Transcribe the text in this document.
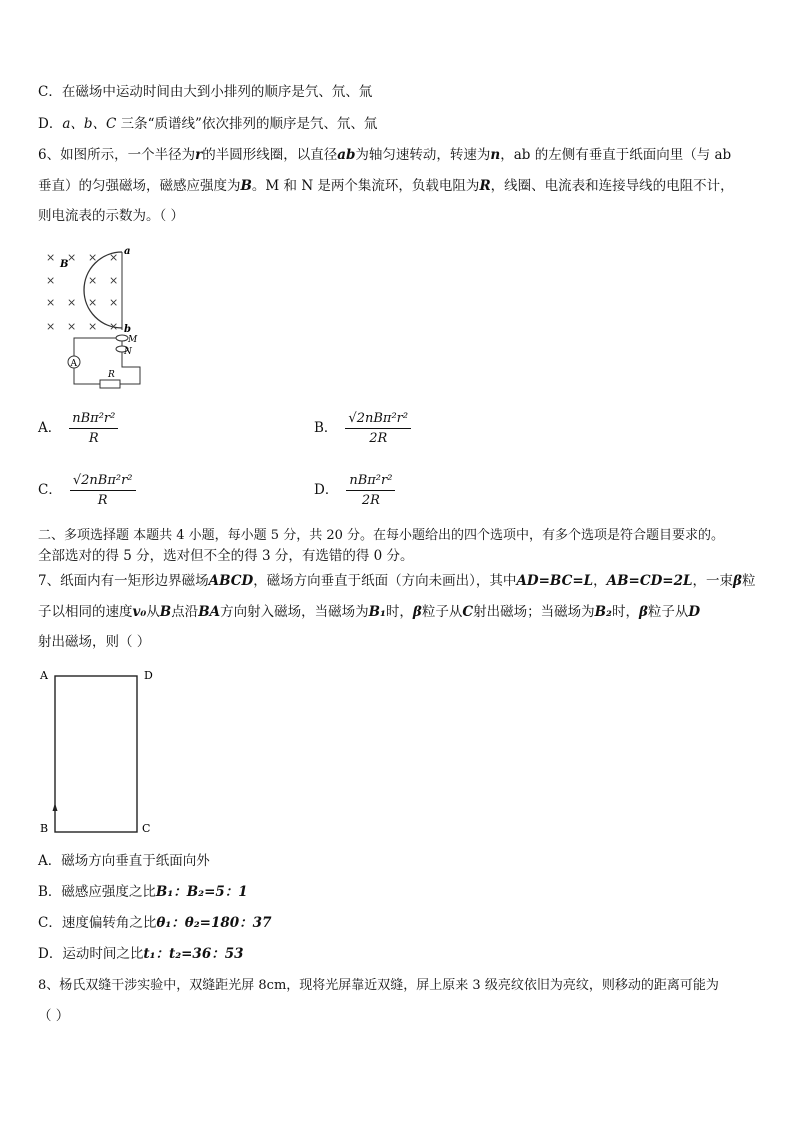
C．在磁场中运动时间由大到小排列的顺序是氕、氘、氚
D．a、b、C 三条“质谱线”依次排列的顺序是氕、氘、氚
6、如图所示，一个半径为r的半圆形线圈，以直径ab为轴匀速转动，转速为n，ab 的左侧有垂直于纸面向里（与 ab
垂直）的匀强磁场，磁感应强度为B。M 和 N 是两个集流环，负载电阻为R，线圈、电流表和连接导线的电阻不计，
则电流表的示数为。（ ）
× × × ×
× ×
× × × ×
× × ×
×
×
B
a
b
M
N
A
R
A． $\frac{\text{nBπ²r²}}{R}$	B． $\frac{\text{√2nBπ²r²}}{2R}$
C． $\frac{\text{√2nBπ²r²}}{R}$	D． $\frac{\text{nBπ²r²}}{2R}$
二、多项选择题 本题共 4 小题，每小题 5 分，共 20 分。在每小题给出的四个选项中，有多个选项是符合题目要求的。
全部选对的得 5 分，选对但不全的得 3 分，有选错的得 0 分。
7、纸面内有一矩形边界磁场ABCD，磁场方向垂直于纸面（方向未画出），其中AD=BC=L，AB=CD=2L，一束β粒
子以相同的速度v₀从B点沿BA方向射入磁场，当磁场为B₁时，β粒子从C射出磁场；当磁场为B₂时，β粒子从D
射出磁场，则（ ）
A	D
B	C
A．磁场方向垂直于纸面向外
B．磁感应强度之比B₁：B₂=5：1
C．速度偏转角之比θ₁：θ₂=180：37
D．运动时间之比t₁：t₂=36：53
8、杨氏双缝干涉实验中，双缝距光屏 8cm，现将光屏靠近双缝，屏上原来 3 级亮纹依旧为亮纹，则移动的距离可能为
（ ）
